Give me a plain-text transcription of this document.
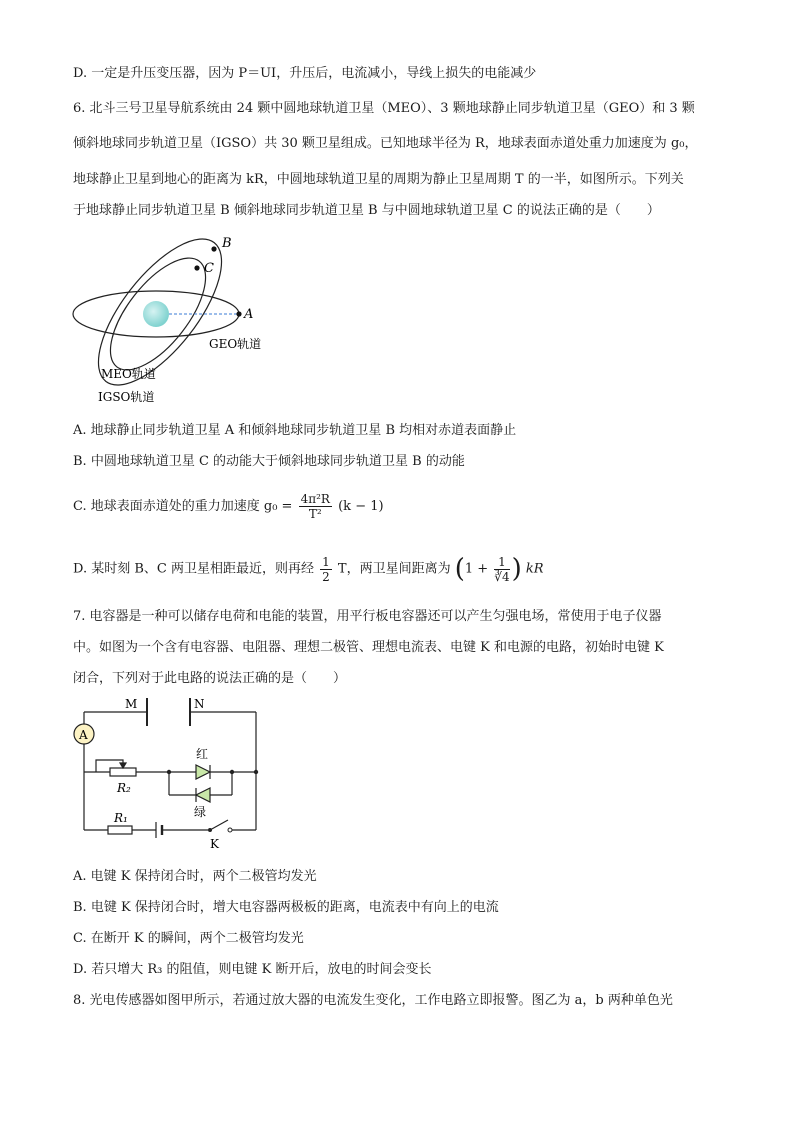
D. 一定是升压变压器，因为 P＝UI，升压后，电流减小，导线上损失的电能减少
6. 北斗三号卫星导航系统由 24 颗中圆地球轨道卫星（MEO）、3 颗地球静止同步轨道卫星（GEO）和 3 颗
倾斜地球同步轨道卫星（IGSO）共 30 颗卫星组成。已知地球半径为 R，地球表面赤道处重力加速度为 g₀，
地球静止卫星到地心的距离为 kR，中圆地球轨道卫星的周期为静止卫星周期 T 的一半，如图所示。下列关
于地球静止同步轨道卫星 B 倾斜地球同步轨道卫星 B 与中圆地球轨道卫星 C 的说法正确的是（　　）
A
B
C
GEO轨道
MEO轨道
IGSO轨道
A. 地球静止同步轨道卫星 A 和倾斜地球同步轨道卫星 B 均相对赤道表面静止
B. 中圆地球轨道卫星 C 的动能大于倾斜地球同步轨道卫星 B 的动能
C. 地球表面赤道处的重力加速度 $g_0 = \frac{\text{4π²R}}{\text{T²}} (k - 1)$
D. 某时刻 B、C 两卫星相距最近，则再经 $\frac{1}{2}$ T，两卫星间距离为 ($1 + \frac{1}{∛4}$ ) kR
7. 电容器是一种可以储存电荷和电能的装置，用平行板电容器还可以产生匀强电场，常使用于电子仪器
中。如图为一个含有电容器、电阻器、理想二极管、理想电流表、电键 K 和电源的电路，初始时电键 K
闭合，下列对于此电路的说法正确的是（　　）
A
M	N
R₂
R₁
红
绿
K
A. 电键 K 保持闭合时，两个二极管均发光
B. 电键 K 保持闭合时，增大电容器两极板的距离，电流表中有向上的电流
C. 在断开 K 的瞬间，两个二极管均发光
D. 若只增大 R₃ 的阻值，则电键 K 断开后，放电的时间会变长
8. 光电传感器如图甲所示，若通过放大器的电流发生变化，工作电路立即报警。图乙为 a，b 两种单色光
